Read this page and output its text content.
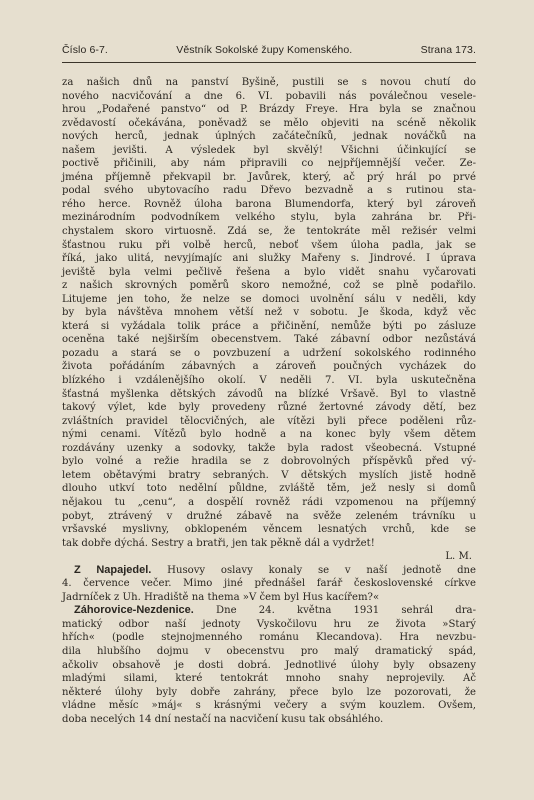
Číslo 6-7.	Věstník Sokolské župy Komenského.	Strana 173.
za našich dnů na panství Byšině, pustili se s novou chutí do
nového nacvičování a dne 6. VI. pobavili nás poválečnou vesele-
hrou „Podařené panstvo“ od P. Brázdy Freye. Hra byla se značnou
zvědavostí očekávána, poněvadž se mělo objeviti na scéně několik
nových herců, jednak úplných začátečníků, jednak nováčků na
našem jevišti. A výsledek byl skvělý! Všichni účinkující se
poctivě přičinili, aby nám připravili co nejpříjemnější večer. Ze-
jména příjemně překvapil br. Javůrek, který, ač prý hrál po prvé
podal svého ubytovacího radu Dřevo bezvadně a s rutinou sta-
rého herce. Rovněž úloha barona Blumendorfa, který byl zároveň
mezinárodním podvodníkem velkého stylu, byla zahrána br. Při-
chystalem skoro virtuosně. Zdá se, že tentokráte měl režisér velmi
šťastnou ruku při volbě herců, neboť všem úloha padla, jak se
říká, jako ulitá, nevyjímajíc ani služky Mařeny s. Jindrové. I úprava
jeviště byla velmi pečlivě řešena a bylo vidět snahu vyčarovati
z našich skrovných poměrů skoro nemožné, což se plně podařilo.
Litujeme jen toho, že nelze se domoci uvolnění sálu v neděli, kdy
by byla návštěva mnohem větší než v sobotu. Je škoda, když věc
která si vyžádala tolik práce a přičinění, nemůže býti po zásluze
oceněna také nejširším obecenstvem. Také zábavní odbor nezůstává
pozadu a stará se o povzbuzení a udržení sokolského rodinného
života pořádáním zábavných a zároveň poučných vycházek do
blízkého i vzdálenějšího okolí. V neděli 7. VI. byla uskutečněna
šťastná myšlenka dětských závodů na blízké Vršavě. Byl to vlastně
takový výlet, kde byly provedeny různé žertovné závody dětí, bez
zvláštních pravidel tělocvičných, ale vítězi byli přece poděleni růz-
nými cenami. Vítězů bylo hodně a na konec byly všem dětem
rozdávány uzenky a sodovky, takže byla radost všeobecná. Vstupné
bylo volné a režie hradila se z dobrovolných příspěvků před vý-
letem obětavými bratry sebraných. V dětských myslích jistě hodně
dlouho utkví toto nedělní půldne, zvláště těm, jež nesly si domů
nějakou tu „cenu“, a dospělí rovněž rádi vzpomenou na příjemný
pobyt, ztrávený v družné zábavě na svěže zeleném trávníku u
vršavské myslivny, obklopeném věncem lesnatých vrchů, kde se
tak dobře dýchá. Sestry a bratři, jen tak pěkně dál a vydržet!
L. M.
Z Napajedel. Husovy oslavy konaly se v naší jednotě dne
4. července večer. Mimo jiné přednášel farář československé církve
Jadrníček z Uh. Hradiště na thema »V čem byl Hus kacířem?«
Záhorovice-Nezdenice. Dne 24. května 1931 sehrál dra-
matický odbor naší jednoty Vyskočilovu hru ze života »Starý
hřích« (podle stejnojmenného románu Klecandova). Hra nevzbu-
dila hlubšího dojmu v obecenstvu pro malý dramatický spád,
ačkoliv obsahově je dosti dobrá. Jednotlivé úlohy byly obsazeny
mladými silami, které tentokrát mnoho snahy neprojevily. Ač
některé úlohy byly dobře zahrány, přece bylo lze pozorovati, že
vládne měsíc »máj« s krásnými večery a svým kouzlem. Ovšem,
doba necelých 14 dní nestačí na nacvičení kusu tak obsáhlého.
